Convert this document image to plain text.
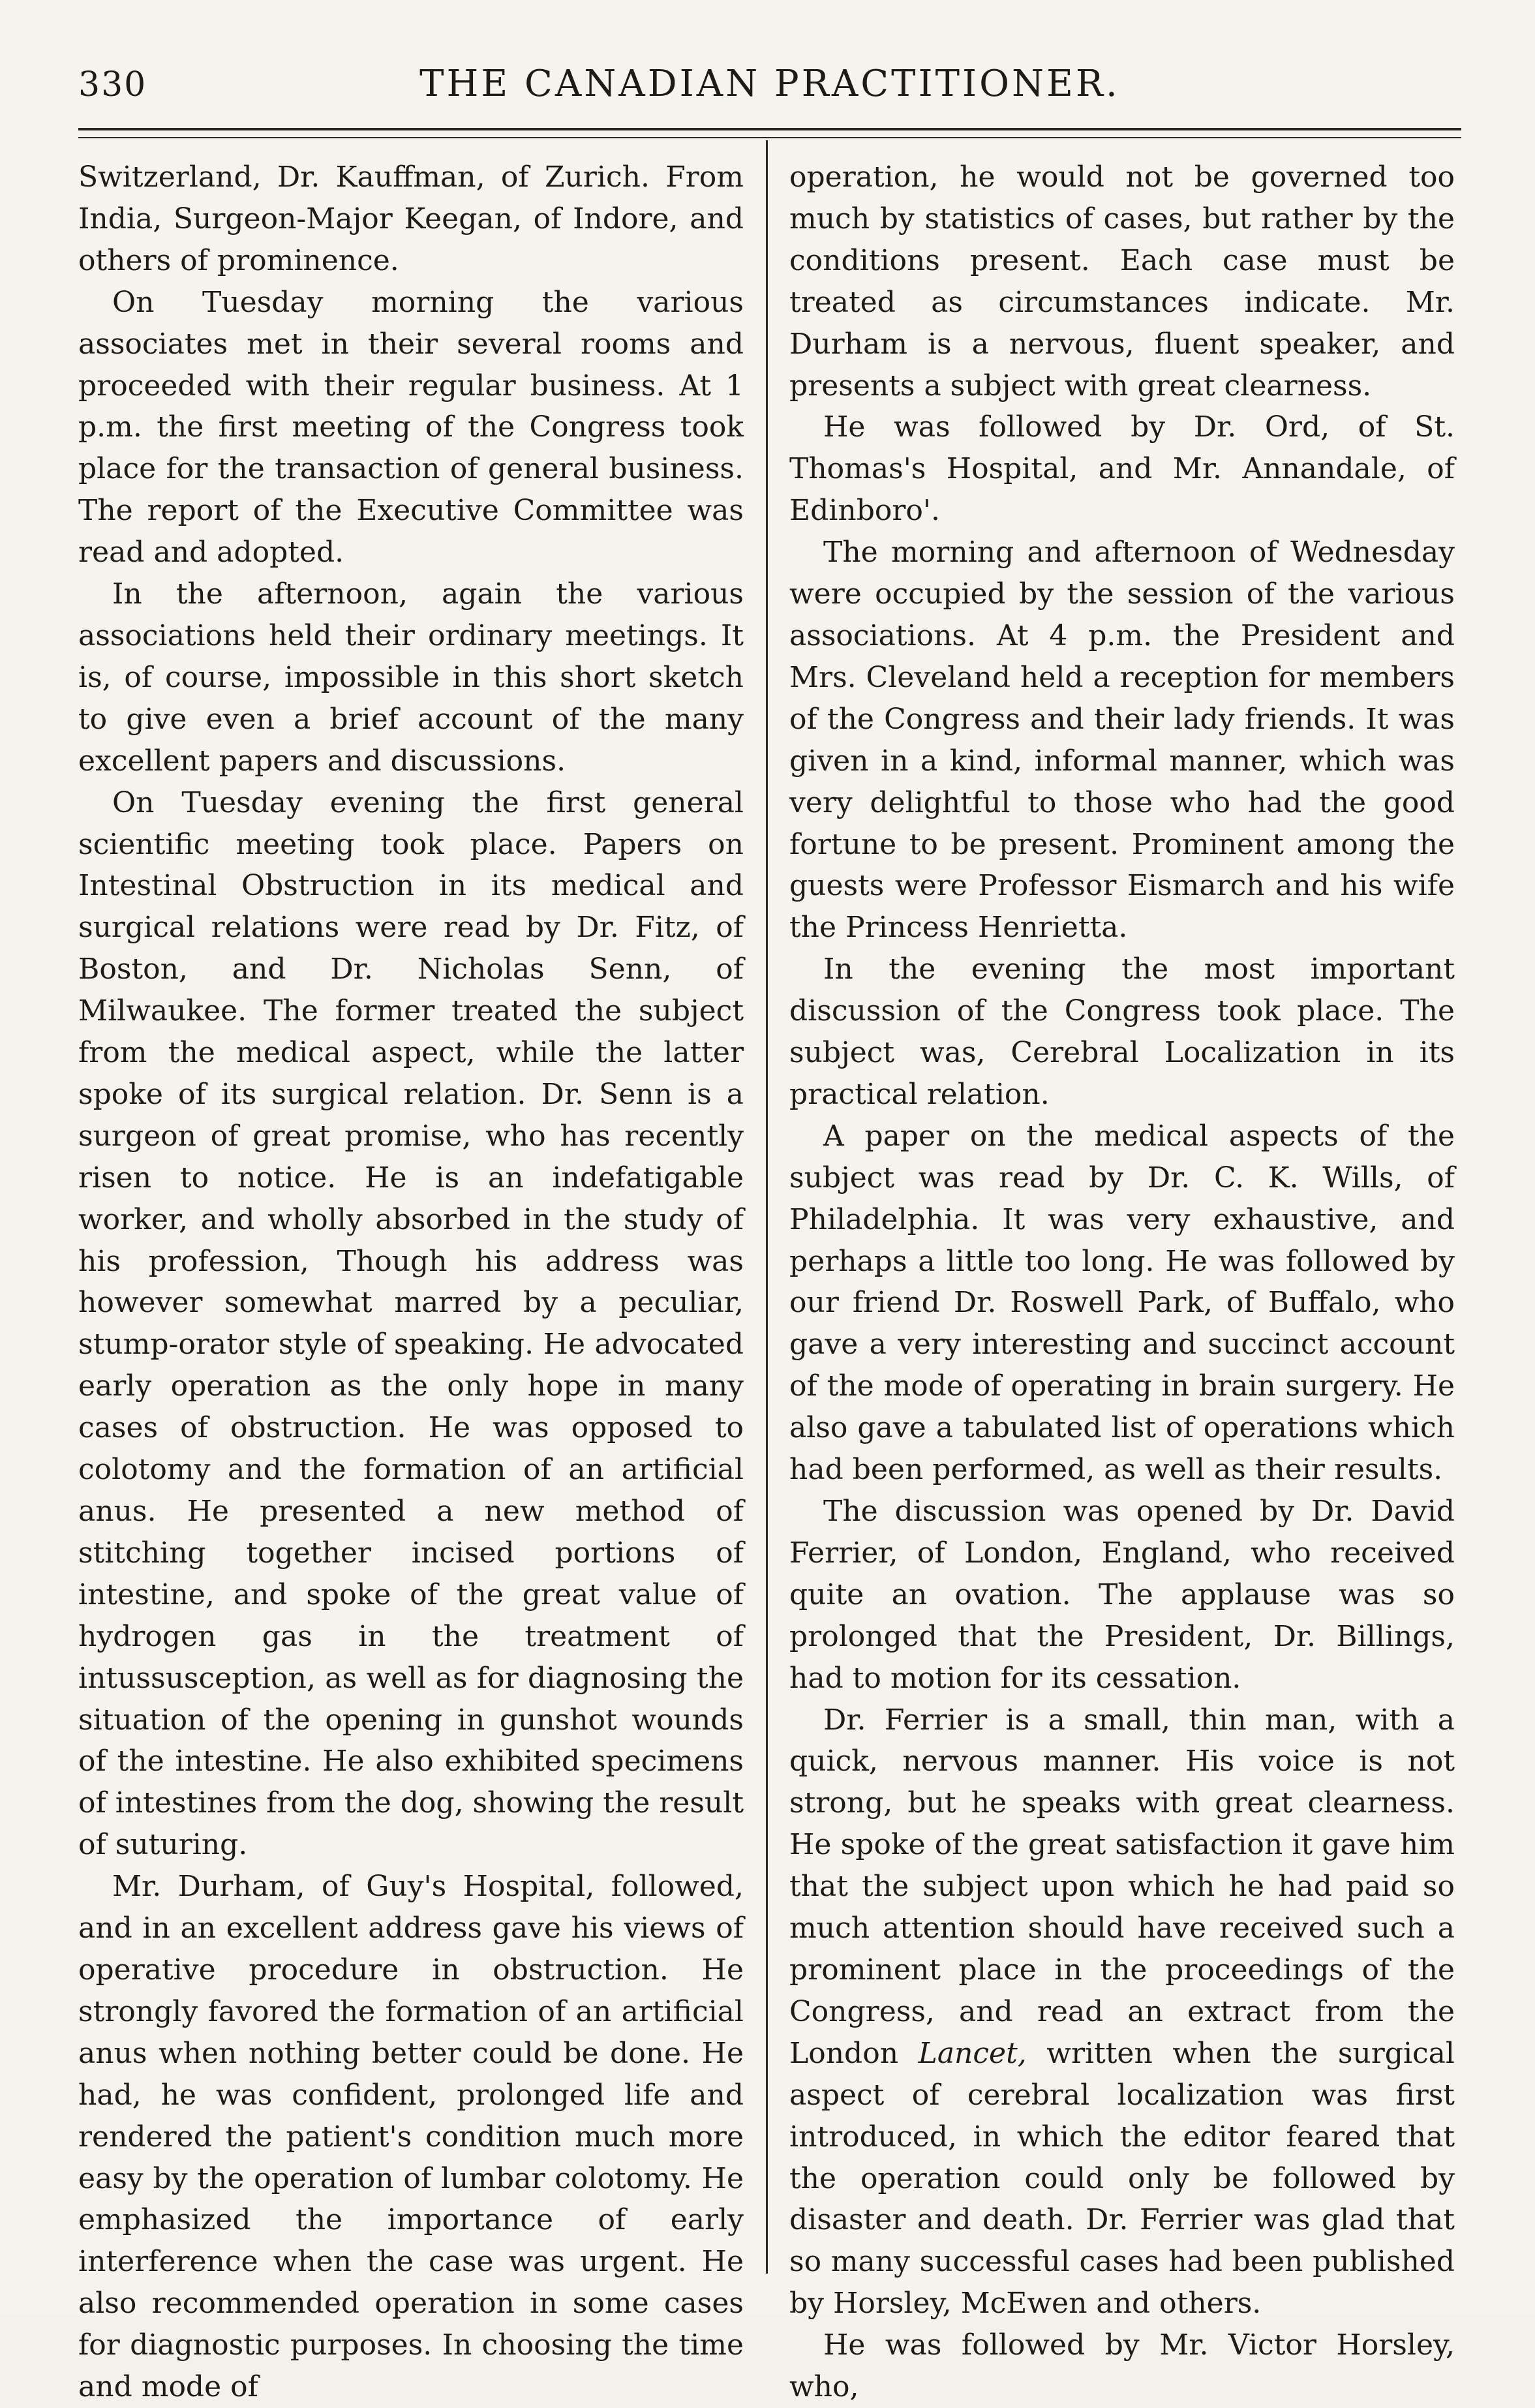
330	THE CANADIAN PRACTITIONER.

Switzerland, Dr. Kauffman, of Zurich. From India, Surgeon-Major Keegan, of Indore, and others of prominence.

On Tuesday morning the various associates met in their several rooms and proceeded with their regular business. At 1 p.m. the first meeting of the Congress took place for the transaction of general business. The report of the Executive Committee was read and adopted.

In the afternoon, again the various associations held their ordinary meetings. It is, of course, impossible in this short sketch to give even a brief account of the many excellent papers and discussions.

On Tuesday evening the first general scientific meeting took place. Papers on Intestinal Obstruction in its medical and surgical relations were read by Dr. Fitz, of Boston, and Dr. Nicholas Senn, of Milwaukee. The former treated the subject from the medical aspect, while the latter spoke of its surgical relation. Dr. Senn is a surgeon of great promise, who has recently risen to notice. He is an indefatigable worker, and wholly absorbed in the study of his profession, Though his address was however somewhat marred by a peculiar, stump-orator style of speaking. He advocated early operation as the only hope in many cases of obstruction. He was opposed to colotomy and the formation of an artificial anus. He presented a new method of stitching together incised portions of intestine, and spoke of the great value of hydrogen gas in the treatment of intussusception, as well as for diagnosing the situation of the opening in gunshot wounds of the intestine. He also exhibited specimens of intestines from the dog, showing the result of suturing.

Mr. Durham, of Guy's Hospital, followed, and in an excellent address gave his views of operative procedure in obstruction. He strongly favored the formation of an artificial anus when nothing better could be done. He had, he was confident, prolonged life and rendered the patient's condition much more easy by the operation of lumbar colotomy. He emphasized the importance of early interference when the case was urgent. He also recommended operation in some cases for diagnostic purposes. In choosing the time and mode of

operation, he would not be governed too much by statistics of cases, but rather by the conditions present. Each case must be treated as circumstances indicate. Mr. Durham is a nervous, fluent speaker, and presents a subject with great clearness.

He was followed by Dr. Ord, of St. Thomas's Hospital, and Mr. Annandale, of Edinboro'.

The morning and afternoon of Wednesday were occupied by the session of the various associations. At 4 p.m. the President and Mrs. Cleveland held a reception for members of the Congress and their lady friends. It was given in a kind, informal manner, which was very delightful to those who had the good fortune to be present. Prominent among the guests were Professor Eismarch and his wife the Princess Henrietta.

In the evening the most important discussion of the Congress took place. The subject was, Cerebral Localization in its practical relation.

A paper on the medical aspects of the subject was read by Dr. C. K. Wills, of Philadelphia. It was very exhaustive, and perhaps a little too long. He was followed by our friend Dr. Roswell Park, of Buffalo, who gave a very interesting and succinct account of the mode of operating in brain surgery. He also gave a tabulated list of operations which had been performed, as well as their results.

The discussion was opened by Dr. David Ferrier, of London, England, who received quite an ovation. The applause was so prolonged that the President, Dr. Billings, had to motion for its cessation.

Dr. Ferrier is a small, thin man, with a quick, nervous manner. His voice is not strong, but he speaks with great clearness. He spoke of the great satisfaction it gave him that the subject upon which he had paid so much attention should have received such a prominent place in the proceedings of the Congress, and read an extract from the London Lancet, written when the surgical aspect of cerebral localization was first introduced, in which the editor feared that the operation could only be followed by disaster and death. Dr. Ferrier was glad that so many successful cases had been published by Horsley, McEwen and others.

He was followed by Mr. Victor Horsley, who,
